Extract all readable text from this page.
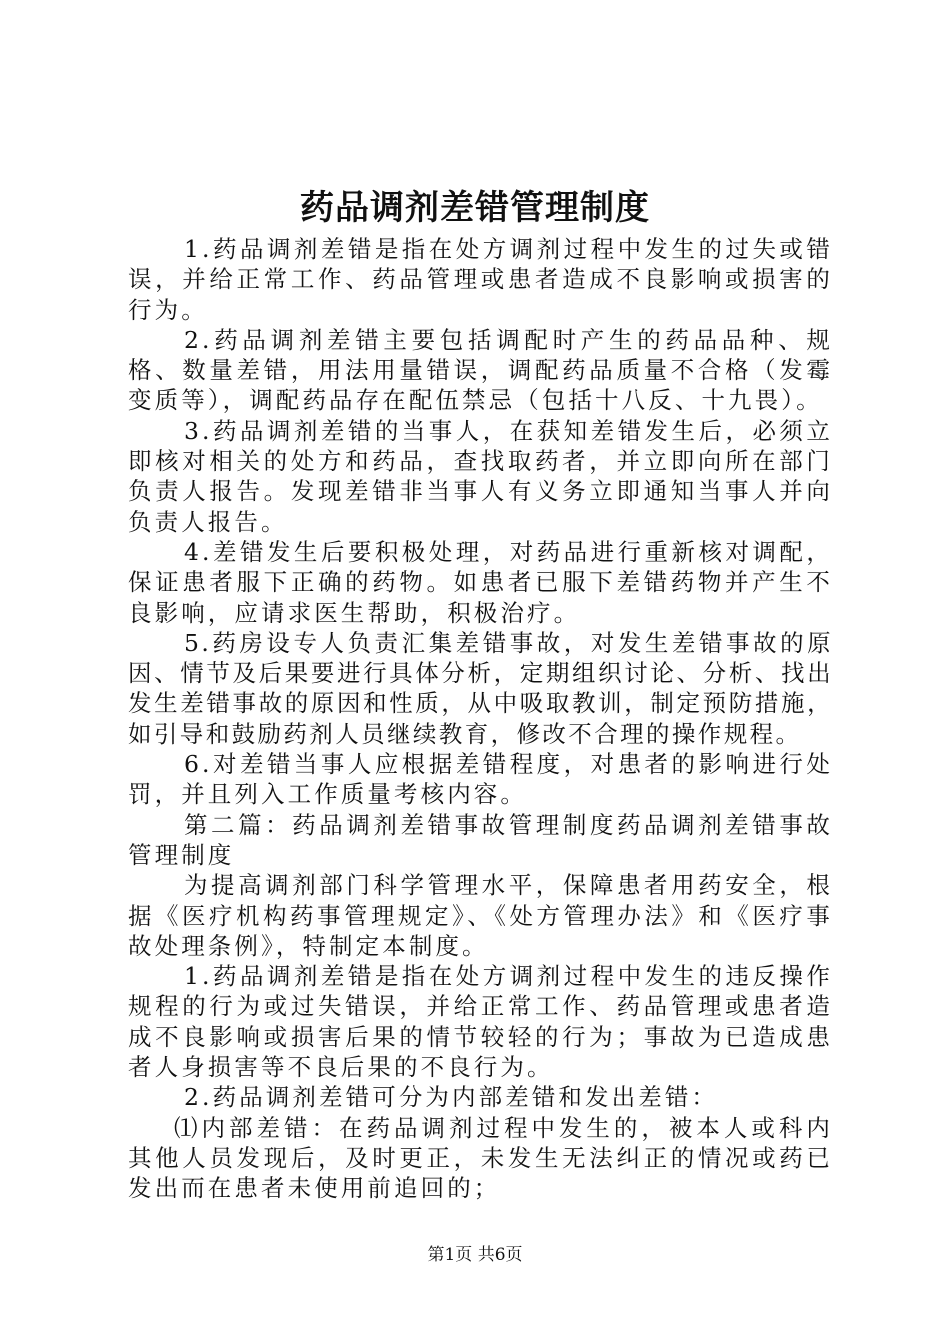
药品调剂差错管理制度

1.药品调剂差错是指在处方调剂过程中发生的过失或错误，并给正常工作、药品管理或患者造成不良影响或损害的行为。

2.药品调剂差错主要包括调配时产生的药品品种、规格、数量差错，用法用量错误，调配药品质量不合格（发霉变质等），调配药品存在配伍禁忌（包括十八反、十九畏）。

3.药品调剂差错的当事人，在获知差错发生后，必须立即核对相关的处方和药品，查找取药者，并立即向所在部门负责人报告。发现差错非当事人有义务立即通知当事人并向负责人报告。

4.差错发生后要积极处理，对药品进行重新核对调配，保证患者服下正确的药物。如患者已服下差错药物并产生不良影响，应请求医生帮助，积极治疗。

5.药房设专人负责汇集差错事故，对发生差错事故的原因、情节及后果要进行具体分析，定期组织讨论、分析、找出发生差错事故的原因和性质，从中吸取教训，制定预防措施，如引导和鼓励药剂人员继续教育，修改不合理的操作规程。

6.对差错当事人应根据差错程度，对患者的影响进行处罚，并且列入工作质量考核内容。

第二篇：药品调剂差错事故管理制度药品调剂差错事故管理制度

为提高调剂部门科学管理水平，保障患者用药安全，根据《医疗机构药事管理规定》、《处方管理办法》和《医疗事故处理条例》，特制定本制度。

1.药品调剂差错是指在处方调剂过程中发生的违反操作规程的行为或过失错误，并给正常工作、药品管理或患者造成不良影响或损害后果的情节较轻的行为；事故为已造成患者人身损害等不良后果的不良行为。

2.药品调剂差错可分为内部差错和发出差错：

⑴内部差错：在药品调剂过程中发生的，被本人或科内其他人员发现后，及时更正，未发生无法纠正的情况或药已发出而在患者未使用前追回的；

第1页 共6页
